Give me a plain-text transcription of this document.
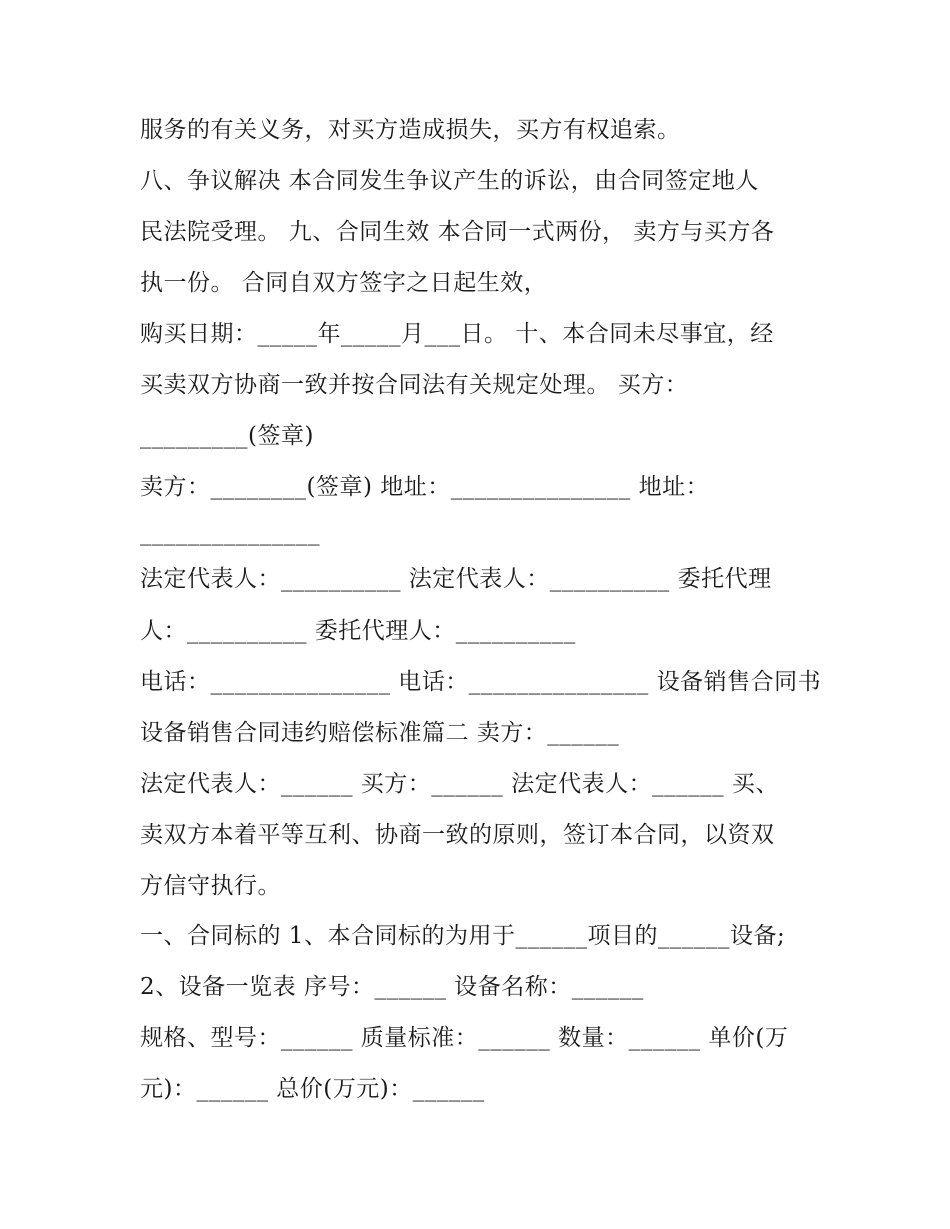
服务的有关义务，对买方造成损失，买方有权追索。
八、争议解决 本合同发生争议产生的诉讼，由合同签定地人
民法院受理。 九、合同生效 本合同一式两份， 卖方与买方各
执一份。 合同自双方签字之日起生效，
购买日期：_____年_____月___日。 十、本合同未尽事宜，经
买卖双方协商一致并按合同法有关规定处理。 买方：
_________(签章)
卖方：________(签章) 地址：_______________ 地址：
_______________
法定代表人：__________ 法定代表人：__________ 委托代理
人：__________ 委托代理人：__________
电话：_______________ 电话：_______________ 设备销售合同书
设备销售合同违约赔偿标准篇二 卖方：______
法定代表人：______ 买方：______ 法定代表人：______ 买、
卖双方本着平等互利、协商一致的原则，签订本合同，以资双
方信守执行。
一、合同标的 1、本合同标的为用于______项目的______设备;
2、设备一览表 序号：______ 设备名称：______
规格、型号：______ 质量标准：______ 数量：______ 单价(万
元)：______ 总价(万元)：______
